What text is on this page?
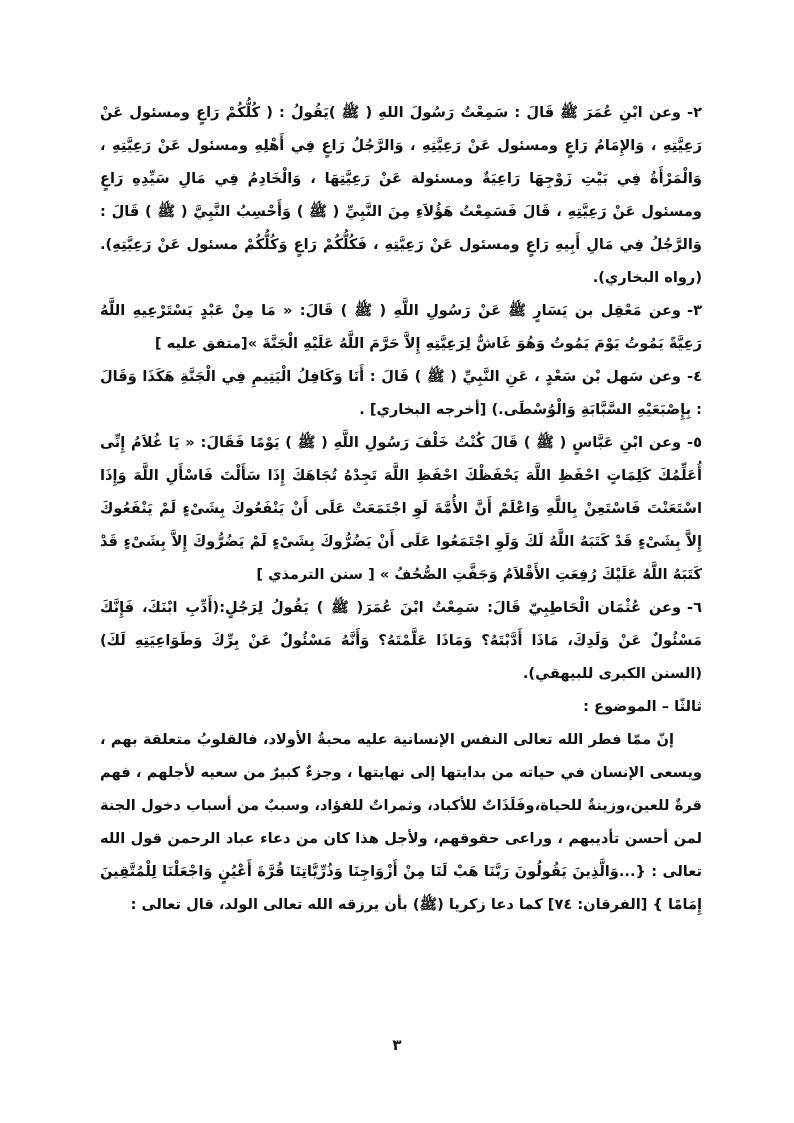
٢-وعن ابْنِ عُمَرَ ﷺ قَالَ : سَمِعْتُ رَسُولَ اللهِ ( ﷺ )يَقُولُ : ( كُلُّكُمْ رَاعٍ ومسئول عَنْ رَعِيَّتِهِ ، وَالإِمَامُ رَاعٍ ومسئول عَنْ رَعِيَّتِهِ ، وَالرَّجُلُ رَاعٍ فِي أَهْلِهِ ومسئول عَنْ رَعِيَّتِهِ ، وَالْمَرْأَةُ فِي بَيْتِ زَوْجِهَا رَاعِيَةٌ ومسئولة عَنْ رَعِيَّتِهَا ، وَالْخَادِمُ فِي مَالِ سَيِّدِهِ رَاعٍ ومسئول عَنْ رَعِيَّتِهِ ، قَالَ فَسَمِعْتُ هَؤُلاَءِ مِنَ النَّبِيِّ ( ﷺ ) وَأَحْسِبُ النَّبِيَّ ( ﷺ ) قَالَ : وَالرَّجُلُ فِي مَالِ أَبِيهِ رَاعٍ ومسئول عَنْ رَعِيَّتِهِ ، فَكُلُّكُمْ رَاعٍ وَكُلُّكُمْ مسئول عَنْ رَعِيَّتِهِ).(رواه البخاري).

٣-وعن مَعْقِل بن يَسَارٍ ﷺ عَنْ رَسُولِ اللَّهِ ( ﷺ ) قَالَ: « مَا مِنْ عَبْدٍ يَسْتَرْعِيهِ اللَّهُ رَعِيَّةً يَمُوتُ يَوْمَ يَمُوتُ وَهُوَ غَاشٌّ لِرَعِيَّتِهِ إِلاَّ حَرَّمَ اللَّهُ عَلَيْهِ الْجَنَّةَ »[متفق عليه ]

٤-وعن سَهل بْن سَعْدٍ ، عَنِ النَّبِيِّ ( ﷺ ) قَالَ : أَنَا وَكَافِلُ الْيَتِيمِ فِي الْجَنَّةِ هَكَذَا وَقَالَ : بِإِصْبَعَيْهِ السَّبَّابَةِ وَالْوُسْطَى.) [أخرجه البخاري] .

٥-وعن ابْنِ عَبَّاسٍ ( ﷺ ) قَالَ كُنْتُ خَلْفَ رَسُولِ اللَّهِ ( ﷺ ) يَوْمًا فَقَالَ: « يَا غُلاَمُ إِنِّى أُعَلِّمُكَ كَلِمَاتٍ احْفَظِ اللَّهَ يَحْفَظْكَ احْفَظِ اللَّهَ تَجِدْهُ تُجَاهَكَ إِذَا سَأَلْتَ فَاسْأَلِ اللَّهَ وَإِذَا اسْتَعَنْتَ فَاسْتَعِنْ بِاللَّهِ وَاعْلَمْ أَنَّ الأُمَّةَ لَوِ اجْتَمَعَتْ عَلَى أَنْ يَنْفَعُوكَ بِشَىْءٍ لَمْ يَنْفَعُوكَ إِلاَّ بِشَىْءٍ قَدْ كَتَبَهُ اللَّهُ لَكَ وَلَوِ اجْتَمَعُوا عَلَى أَنْ يَضُرُّوكَ بِشَىْءٍ لَمْ يَضُرُّوكَ إِلاَّ بِشَىْءٍ قَدْ كَتَبَهُ اللَّهُ عَلَيْكَ رُفِعَتِ الأَقْلاَمُ وَجَفَّتِ الصُّحُفُ » [ سنن الترمذي ]

٦-وعن عُثْمَان الْحَاطِبِيّ قَالَ: سَمِعْتُ ابْنَ عُمَرَ( ﷺ ) يَقُولُ لِرَجُلٍ:(أَدِّبِ ابْنَكَ، فَإِنَّكَ مَسْئُولٌ عَنْ وَلَدِكَ، مَاذَا أَدَّبْتَهُ؟ وَمَاذَا عَلَّمْتَهُ؟ وَأَنَّهُ مَسْئُولٌ عَنْ بِرِّكَ وَطَوَاعِيَتِهِ لَكَ) (السنن الكبرى للبيهقي).

ثالثًا – الموضوع :

إنّ ممّا فطر الله تعالى النفس الإنسانية عليه محبةُ الأولاد، فالقلوبُ متعلقة بهم ، ويسعى الإنسان في حياته من بدايتها إلى نهايتها ، وجزءٌ كبيرٌ من سعيه لأجلهم ، فهم قرةٌ للعين،وزينةٌ للحياة،وفَلَذَاتٌ للأكباد، وثمراتٌ للفؤاد، وسببٌ من أسباب دخول الجنة لمن أحسن تأديبهم ، وراعى حقوقهم، ولأجل هذا كان من دعاء عباد الرحمن قول الله تعالى : {...وَالَّذِينَ يَقُولُونَ رَبَّنَا هَبْ لَنَا مِنْ أَزْوَاجِنَا وَذُرِّيَّاتِنَا قُرَّةَ أَعْيُنٍ وَاجْعَلْنَا لِلْمُتَّقِينَ إِمَامًا } [الفرقان: ٧٤] كما دعا زكريا (ﷺ) بأن يرزقه الله تعالى الولد، قال تعالى :

٣
